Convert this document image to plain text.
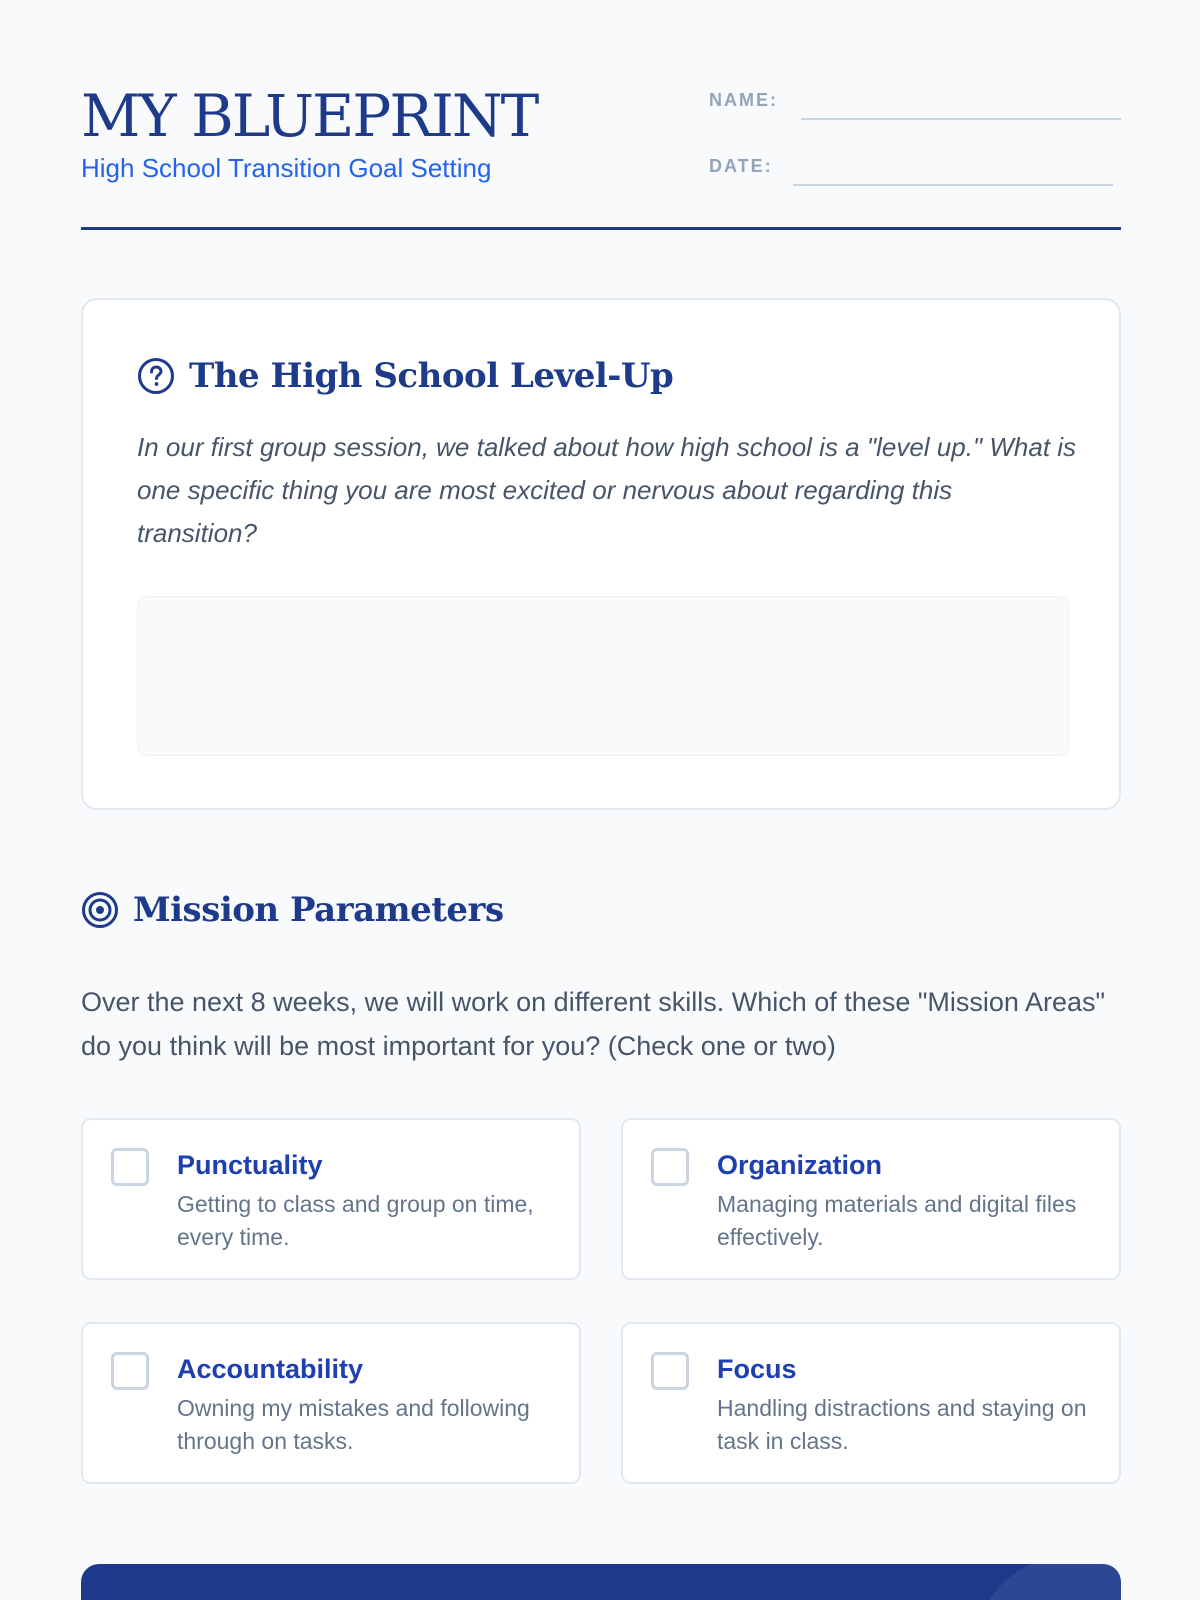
MY BLUEPRINT
High School Transition Goal Setting
NAME:
DATE:
The High School Level-Up

In our first group session, we talked about how high school is a "level up." What is one specific thing you are most excited or nervous about regarding this transition?

Mission Parameters

Over the next 8 weeks, we will work on different skills. Which of these "Mission Areas" do you think will be most important for you? (Check one or two)

Punctuality
Getting to class and group on time, every time.
Organization
Managing materials and digital files effectively.
Accountability
Owning my mistakes and following through on tasks.
Focus
Handling distractions and staying on task in class.
